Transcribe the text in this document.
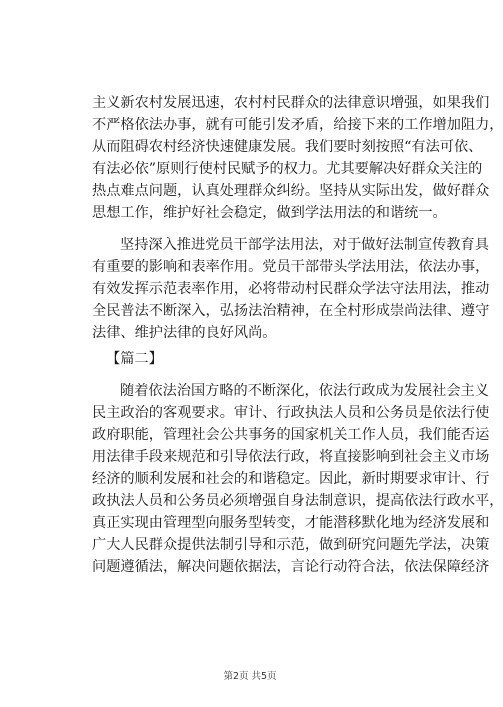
主义新农村发展迅速，农村村民群众的法律意识增强，如果我们
不严格依法办事，就有可能引发矛盾，给接下来的工作增加阻力，
从而阻碍农村经济快速健康发展。我们要时刻按照“有法可依、
有法必依”原则行使村民赋予的权力。尤其要解决好群众关注的
热点难点问题，认真处理群众纠纷。坚持从实际出发，做好群众
思想工作，维护好社会稳定，做到学法用法的和谐统一。
坚持深入推进党员干部学法用法，对于做好法制宣传教育具
有重要的影响和表率作用。党员干部带头学法用法，依法办事，
有效发挥示范表率作用，必将带动村民群众学法守法用法，推动
全民普法不断深入，弘扬法治精神，在全村形成崇尚法律、遵守
法律、维护法律的良好风尚。
【篇二】
随着依法治国方略的不断深化，依法行政成为发展社会主义
民主政治的客观要求。审计、行政执法人员和公务员是依法行使
政府职能，管理社会公共事务的国家机关工作人员，我们能否运
用法律手段来规范和引导依法行政，将直接影响到社会主义市场
经济的顺利发展和社会的和谐稳定。因此，新时期要求审计、行
政执法人员和公务员必须增强自身法制意识，提高依法行政水平，
真正实现由管理型向服务型转变，才能潜移默化地为经济发展和
广大人民群众提供法制引导和示范，做到研究问题先学法，决策
问题遵循法，解决问题依据法，言论行动符合法，依法保障经济
第2页 共5页
